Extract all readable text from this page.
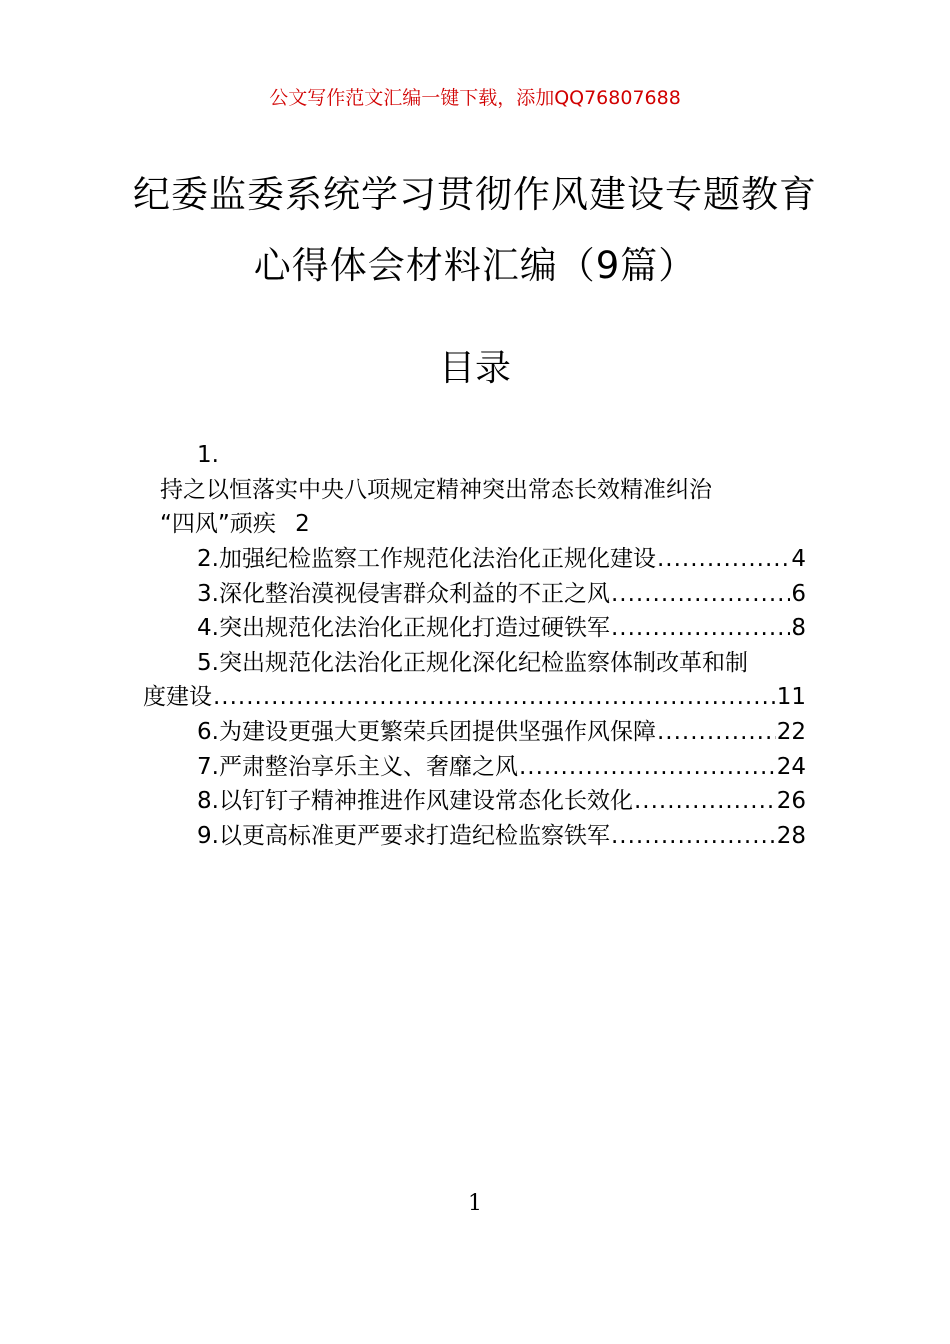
公文写作范文汇编一键下载，添加QQ76807688
纪委监委系统学习贯彻作风建设专题教育
心得体会材料汇编（9篇）
目录
1.
持之以恒落实中央八项规定精神突出常态长效精准纠治
“四风”顽疾 2
2.加强纪检监察工作规范化法治化正规化建设 .....	4
3.深化整治漠视侵害群众利益的不正之风 .....	6
4.突出规范化法治化正规化打造过硬铁军 .....	8
5.突出规范化法治化正规化深化纪检监察体制改革和制
度建设 .....	11
6.为建设更强大更繁荣兵团提供坚强作风保障 .....	22
7.严肃整治享乐主义、奢靡之风 .....	24
8.以钉钉子精神推进作风建设常态化长效化 .....	26
9.以更高标准更严要求打造纪检监察铁军 .....	28
1
